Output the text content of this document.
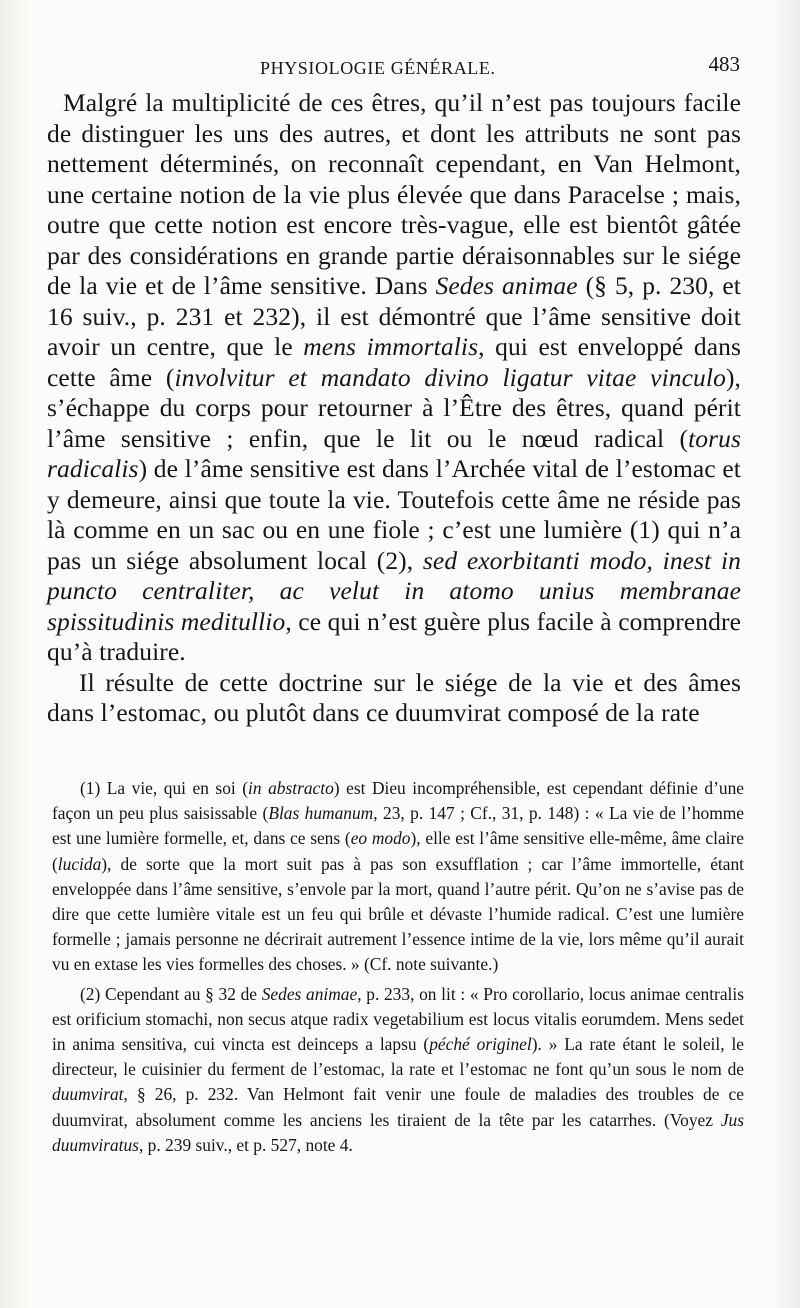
PHYSIOLOGIE GÉNÉRALE.	483

Malgré la multiplicité de ces êtres, qu’il n’est pas toujours facile de distinguer les uns des autres, et dont les attributs ne sont pas nettement déterminés, on reconnaît cependant, en Van Helmont, une certaine notion de la vie plus élevée que dans Paracelse ; mais, outre que cette notion est encore très-vague, elle est bientôt gâtée par des considérations en grande partie déraisonnables sur le siége de la vie et de l’âme sensitive. Dans Sedes animae (§ 5, p. 230, et 16 suiv., p. 231 et 232), il est démontré que l’âme sensitive doit avoir un centre, que le mens immortalis, qui est enveloppé dans cette âme (involvitur et mandato divino ligatur vitae vinculo), s’échappe du corps pour retourner à l’Être des êtres, quand périt l’âme sensitive ; enfin, que le lit ou le nœud radical (torus radicalis) de l’âme sensitive est dans l’Archée vital de l’estomac et y demeure, ainsi que toute la vie. Toutefois cette âme ne réside pas là comme en un sac ou en une fiole ; c’est une lumière (1) qui n’a pas un siége absolument local (2), sed exorbitanti modo, inest in puncto centraliter, ac velut in atomo unius membranae spissitudinis meditullio, ce qui n’est guère plus facile à comprendre qu’à traduire.

Il résulte de cette doctrine sur le siége de la vie et des âmes dans l’estomac, ou plutôt dans ce duumvirat composé de la rate

(1) La vie, qui en soi (in abstracto) est Dieu incompréhensible, est cependant définie d’une façon un peu plus saisissable (Blas humanum, 23, p. 147 ; Cf., 31, p. 148) : « La vie de l’homme est une lumière formelle, et, dans ce sens (eo modo), elle est l’âme sensitive elle-même, âme claire (lucida), de sorte que la mort suit pas à pas son exsufflation ; car l’âme immortelle, étant enveloppée dans l’âme sensitive, s’envole par la mort, quand l’autre périt. Qu’on ne s’avise pas de dire que cette lumière vitale est un feu qui brûle et dévaste l’humide radical. C’est une lumière formelle ; jamais personne ne décrirait autrement l’essence intime de la vie, lors même qu’il aurait vu en extase les vies formelles des choses. » (Cf. note suivante.)

(2) Cependant au § 32 de Sedes animae, p. 233, on lit : « Pro corollario, locus animae centralis est orificium stomachi, non secus atque radix vegetabilium est locus vitalis eorumdem. Mens sedet in anima sensitiva, cui vincta est deinceps a lapsu (péché originel). » La rate étant le soleil, le directeur, le cuisinier du ferment de l’estomac, la rate et l’estomac ne font qu’un sous le nom de duumvirat, § 26, p. 232. Van Helmont fait venir une foule de maladies des troubles de ce duumvirat, absolument comme les anciens les tiraient de la tête par les catarrhes. (Voyez Jus duumviratus, p. 239 suiv., et p. 527, note 4.
